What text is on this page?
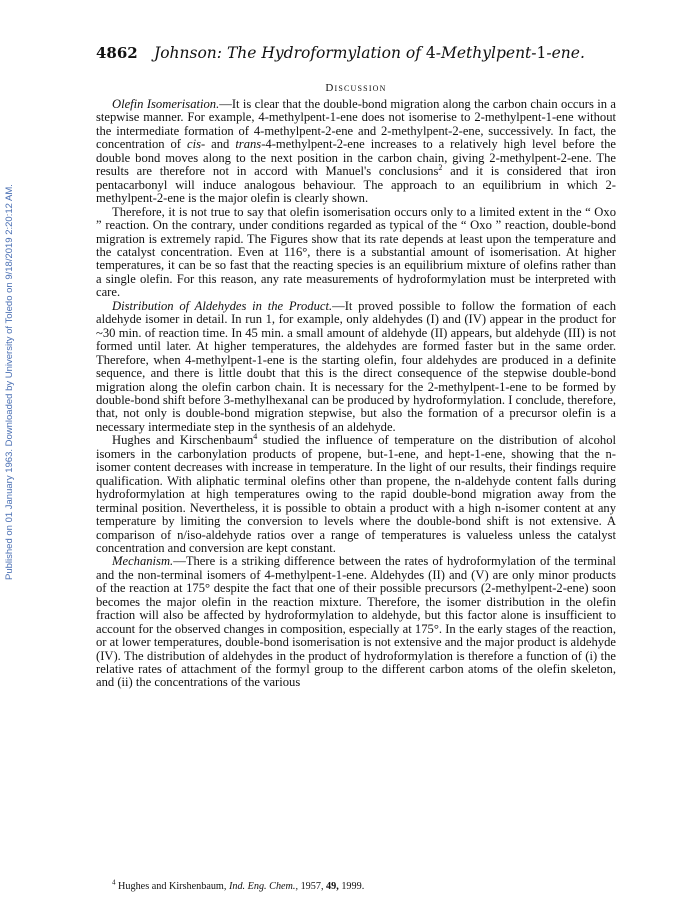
Published on 01 January 1963. Downloaded by University of Toledo on 9/18/2019 2:20:12 AM.
4862 Johnson: The Hydroformylation of 4-Methylpent-1-ene.
Discussion

Olefin Isomerisation.—It is clear that the double-bond migration along the carbon chain occurs in a stepwise manner. For example, 4-methylpent-1-ene does not isomerise to 2-methylpent-1-ene without the intermediate formation of 4-methylpent-2-ene and 2-methylpent-2-ene, successively. In fact, the concentration of cis- and trans-4-methylpent-2-ene increases to a relatively high level before the double bond moves along to the next position in the carbon chain, giving 2-methylpent-2-ene. The results are therefore not in accord with Manuel's conclusions$^2$ and it is considered that iron pentacarbonyl will induce analogous behaviour. The approach to an equilibrium in which 2-methylpent-2-ene is the major olefin is clearly shown.

Therefore, it is not true to say that olefin isomerisation occurs only to a limited extent in the “ Oxo ” reaction. On the contrary, under conditions regarded as typical of the “ Oxo ” reaction, double-bond migration is extremely rapid. The Figures show that its rate depends at least upon the temperature and the catalyst concentration. Even at 116°, there is a substantial amount of isomerisation. At higher temperatures, it can be so fast that the reacting species is an equilibrium mixture of olefins rather than a single olefin. For this reason, any rate measurements of hydroformylation must be interpreted with care.

Distribution of Aldehydes in the Product.—It proved possible to follow the formation of each aldehyde isomer in detail. In run 1, for example, only aldehydes (I) and (IV) appear in the product for ~30 min. of reaction time. In 45 min. a small amount of aldehyde (II) appears, but aldehyde (III) is not formed until later. At higher temperatures, the aldehydes are formed faster but in the same order. Therefore, when 4-methylpent-1-ene is the starting olefin, four aldehydes are produced in a definite sequence, and there is little doubt that this is the direct consequence of the stepwise double-bond migration along the olefin carbon chain. It is necessary for the 2-methylpent-1-ene to be formed by double-bond shift before 3-methylhexanal can be produced by hydroformylation. I conclude, therefore, that, not only is double-bond migration stepwise, but also the formation of a precursor olefin is a necessary intermediate step in the synthesis of an aldehyde.

Hughes and Kirschenbaum$^4$ studied the influence of temperature on the distribution of alcohol isomers in the carbonylation products of propene, but-1-ene, and hept-1-ene, showing that the n-isomer content decreases with increase in temperature. In the light of our results, their findings require qualification. With aliphatic terminal olefins other than propene, the n-aldehyde content falls during hydroformylation at high temperatures owing to the rapid double-bond migration away from the terminal position. Nevertheless, it is possible to obtain a product with a high n-isomer content at any temperature by limiting the conversion to levels where the double-bond shift is not extensive. A comparison of n/iso-aldehyde ratios over a range of temperatures is valueless unless the catalyst concentration and conversion are kept constant.

Mechanism.—There is a striking difference between the rates of hydroformylation of the terminal and the non-terminal isomers of 4-methylpent-1-ene. Aldehydes (II) and (V) are only minor products of the reaction at 175° despite the fact that one of their possible precursors (2-methylpent-2-ene) soon becomes the major olefin in the reaction mixture. Therefore, the isomer distribution in the olefin fraction will also be affected by hydroformylation to aldehyde, but this factor alone is insufficient to account for the observed changes in composition, especially at 175°. In the early stages of the reaction, or at lower temperatures, double-bond isomerisation is not extensive and the major product is aldehyde (IV). The distribution of aldehydes in the product of hydroformylation is therefore a function of (i) the relative rates of attachment of the formyl group to the different carbon atoms of the olefin skeleton, and (ii) the concentrations of the various

$^4$ Hughes and Kirshenbaum, Ind. Eng. Chem., 1957, 49, 1999.
